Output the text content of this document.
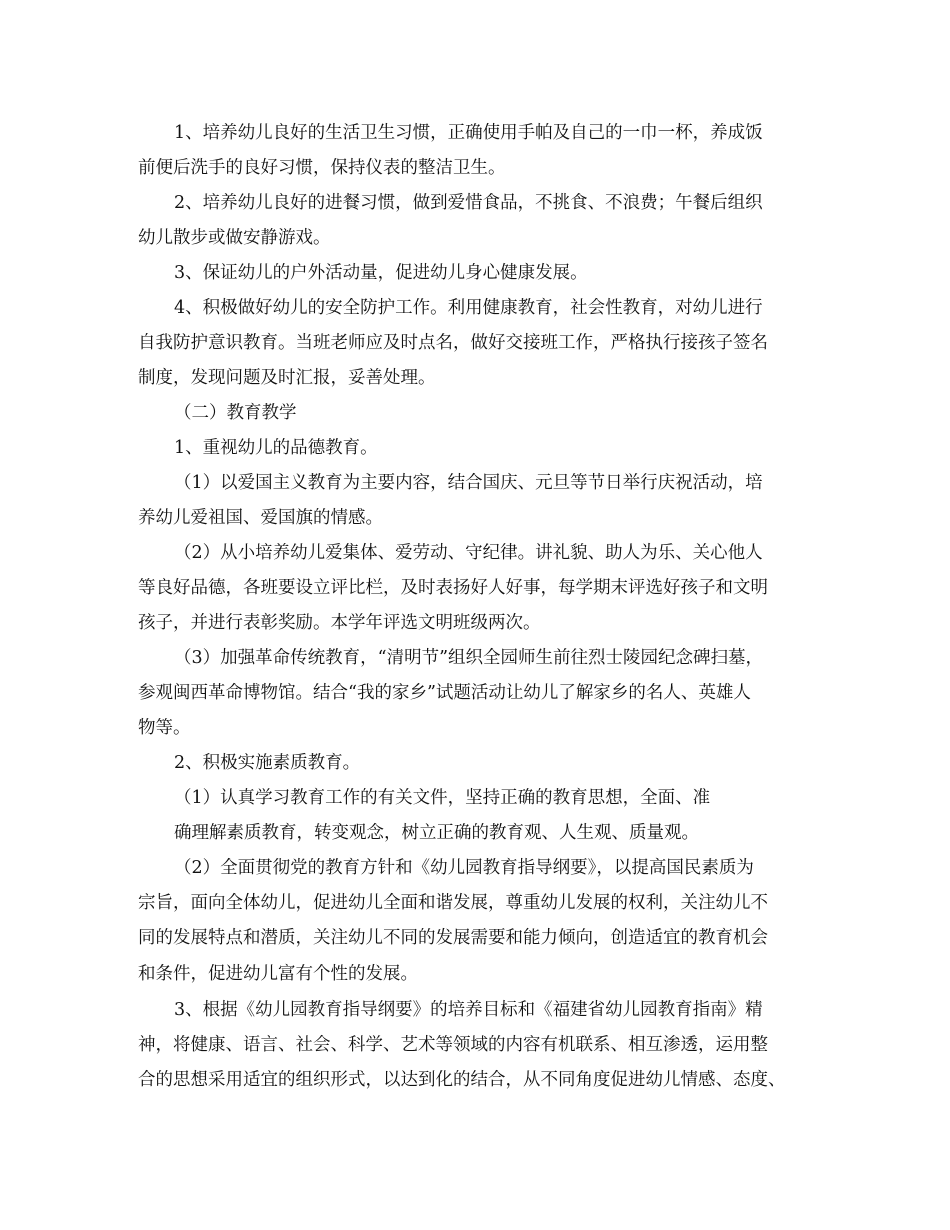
1、培养幼儿良好的生活卫生习惯，正确使用手帕及自己的一巾一杯，养成饭
前便后洗手的良好习惯，保持仪表的整洁卫生。

2、培养幼儿良好的进餐习惯，做到爱惜食品，不挑食、不浪费；午餐后组织
幼儿散步或做安静游戏。

3、保证幼儿的户外活动量，促进幼儿身心健康发展。

4、积极做好幼儿的安全防护工作。利用健康教育，社会性教育，对幼儿进行
自我防护意识教育。当班老师应及时点名，做好交接班工作，严格执行接孩子签名
制度，发现问题及时汇报，妥善处理。

（二）教育教学

1、重视幼儿的品德教育。

（1）以爱国主义教育为主要内容，结合国庆、元旦等节日举行庆祝活动，培
养幼儿爱祖国、爱国旗的情感。

（2）从小培养幼儿爱集体、爱劳动、守纪律。讲礼貌、助人为乐、关心他人
等良好品德，各班要设立评比栏，及时表扬好人好事，每学期末评选好孩子和文明
孩子，并进行表彰奖励。本学年评选文明班级两次。

（3）加强革命传统教育，“清明节”组织全园师生前往烈士陵园纪念碑扫墓，
参观闽西革命博物馆。结合“我的家乡”试题活动让幼儿了解家乡的名人、英雄人
物等。

2、积极实施素质教育。

（1）认真学习教育工作的有关文件，坚持正确的教育思想，全面、准
确理解素质教育，转变观念，树立正确的教育观、人生观、质量观。

（2）全面贯彻党的教育方针和《幼儿园教育指导纲要》，以提高国民素质为
宗旨，面向全体幼儿，促进幼儿全面和谐发展，尊重幼儿发展的权利，关注幼儿不
同的发展特点和潜质，关注幼儿不同的发展需要和能力倾向，创造适宜的教育机会
和条件，促进幼儿富有个性的发展。

3、根据《幼儿园教育指导纲要》的培养目标和《福建省幼儿园教育指南》精
神，将健康、语言、社会、科学、艺术等领域的内容有机联系、相互渗透，运用整
合的思想采用适宜的组织形式，以达到化的结合，从不同角度促进幼儿情感、态度、
